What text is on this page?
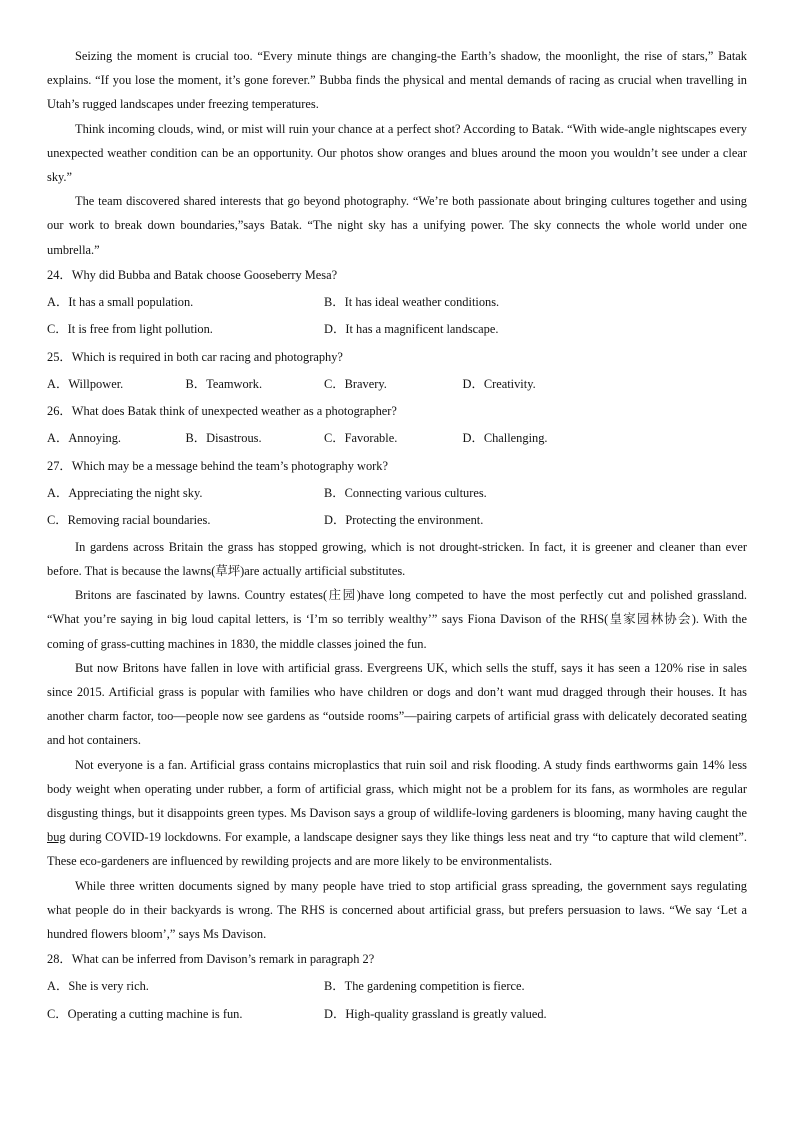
Seizing the moment is crucial too. “Every minute things are changing-the Earth’s shadow, the moonlight, the rise of stars,” Batak explains. “If you lose the moment, it’s gone forever.” Bubba finds the physical and mental demands of racing as crucial when travelling in Utah’s rugged landscapes under freezing temperatures.

Think incoming clouds, wind, or mist will ruin your chance at a perfect shot? According to Batak. “With wide-angle nightscapes every unexpected weather condition can be an opportunity. Our photos show oranges and blues around the moon you wouldn’t see under a clear sky.”

The team discovered shared interests that go beyond photography. “We’re both passionate about bringing cultures together and using our work to break down boundaries,”says Batak. “The night sky has a unifying power. The sky connects the whole world under one umbrella.”

24．Why did Bubba and Batak choose Gooseberry Mesa?

A．It has a small population.	B．It has ideal weather conditions.
C．It is free from light pollution.	D．It has a magnificent landscape.

25．Which is required in both car racing and photography?

A．Willpower.	B．Teamwork.	C．Bravery.	D．Creativity.

26．What does Batak think of unexpected weather as a photographer?

A．Annoying.	B．Disastrous.	C．Favorable.	D．Challenging.

27．Which may be a message behind the team’s photography work?

A．Appreciating the night sky.	B．Connecting various cultures.
C．Removing racial boundaries.	D．Protecting the environment.

In gardens across Britain the grass has stopped growing, which is not drought-stricken. In fact, it is greener and cleaner than ever before. That is because the lawns(草坪)are actually artificial substitutes.

Britons are fascinated by lawns. Country estates(庄园)have long competed to have the most perfectly cut and polished grassland. “What you’re saying in big loud capital letters, is ‘I’m so terribly wealthy’” says Fiona Davison of the RHS(皇家园林协会). With the coming of grass-cutting machines in 1830, the middle classes joined the fun.

But now Britons have fallen in love with artificial grass. Evergreens UK, which sells the stuff, says it has seen a 120% rise in sales since 2015. Artificial grass is popular with families who have children or dogs and don’t want mud dragged through their houses. It has another charm factor, too—people now see gardens as “outside rooms”—pairing carpets of artificial grass with delicately decorated seating and hot containers.

Not everyone is a fan. Artificial grass contains microplastics that ruin soil and risk flooding. A study finds earthworms gain 14% less body weight when operating under rubber, a form of artificial grass, which might not be a problem for its fans, as wormholes are regular disgusting things, but it disappoints green types. Ms Davison says a group of wildlife-loving gardeners is blooming, many having caught the bug during COVID-19 lockdowns. For example, a landscape designer says they like things less neat and try “to capture that wild clement”. These eco-gardeners are influenced by rewilding projects and are more likely to be environmentalists.

While three written documents signed by many people have tried to stop artificial grass spreading, the government says regulating what people do in their backyards is wrong. The RHS is concerned about artificial grass, but prefers persuasion to laws. “We say ‘Let a hundred flowers bloom’,” says Ms Davison.

28．What can be inferred from Davison’s remark in paragraph 2?

A．She is very rich.	B．The gardening competition is fierce.
C．Operating a cutting machine is fun.	D．High-quality grassland is greatly valued.
